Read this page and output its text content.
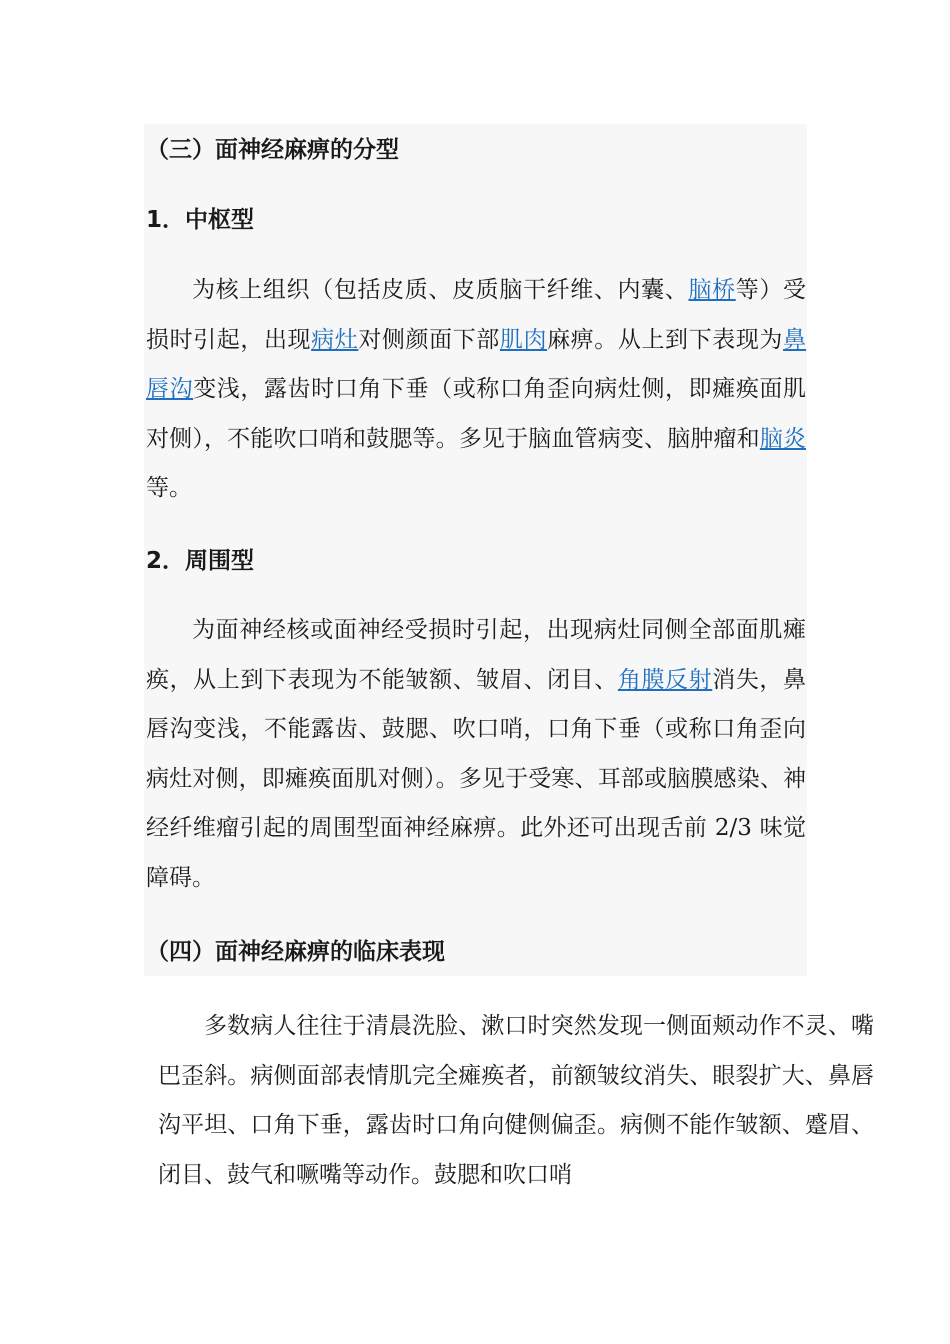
（三）面神经麻痹的分型
1．中枢型

为核上组织（包括皮质、皮质脑干纤维、内囊、脑桥等）受损时引起，出现病灶对侧颜面下部肌肉麻痹。从上到下表现为鼻唇沟变浅，露齿时口角下垂（或称口角歪向病灶侧，即瘫痪面肌对侧），不能吹口哨和鼓腮等。多见于脑血管病变、脑肿瘤和脑炎等。

2．周围型

为面神经核或面神经受损时引起，出现病灶同侧全部面肌瘫痪，从上到下表现为不能皱额、皱眉、闭目、角膜反射消失，鼻唇沟变浅，不能露齿、鼓腮、吹口哨，口角下垂（或称口角歪向病灶对侧，即瘫痪面肌对侧）。多见于受寒、耳部或脑膜感染、神经纤维瘤引起的周围型面神经麻痹。此外还可出现舌前 2/3 味觉障碍。

（四）面神经麻痹的临床表现

多数病人往往于清晨洗脸、漱口时突然发现一侧面颊动作不灵、嘴巴歪斜。病侧面部表情肌完全瘫痪者，前额皱纹消失、眼裂扩大、鼻唇沟平坦、口角下垂，露齿时口角向健侧偏歪。病侧不能作皱额、蹙眉、闭目、鼓气和噘嘴等动作。鼓腮和吹口哨
